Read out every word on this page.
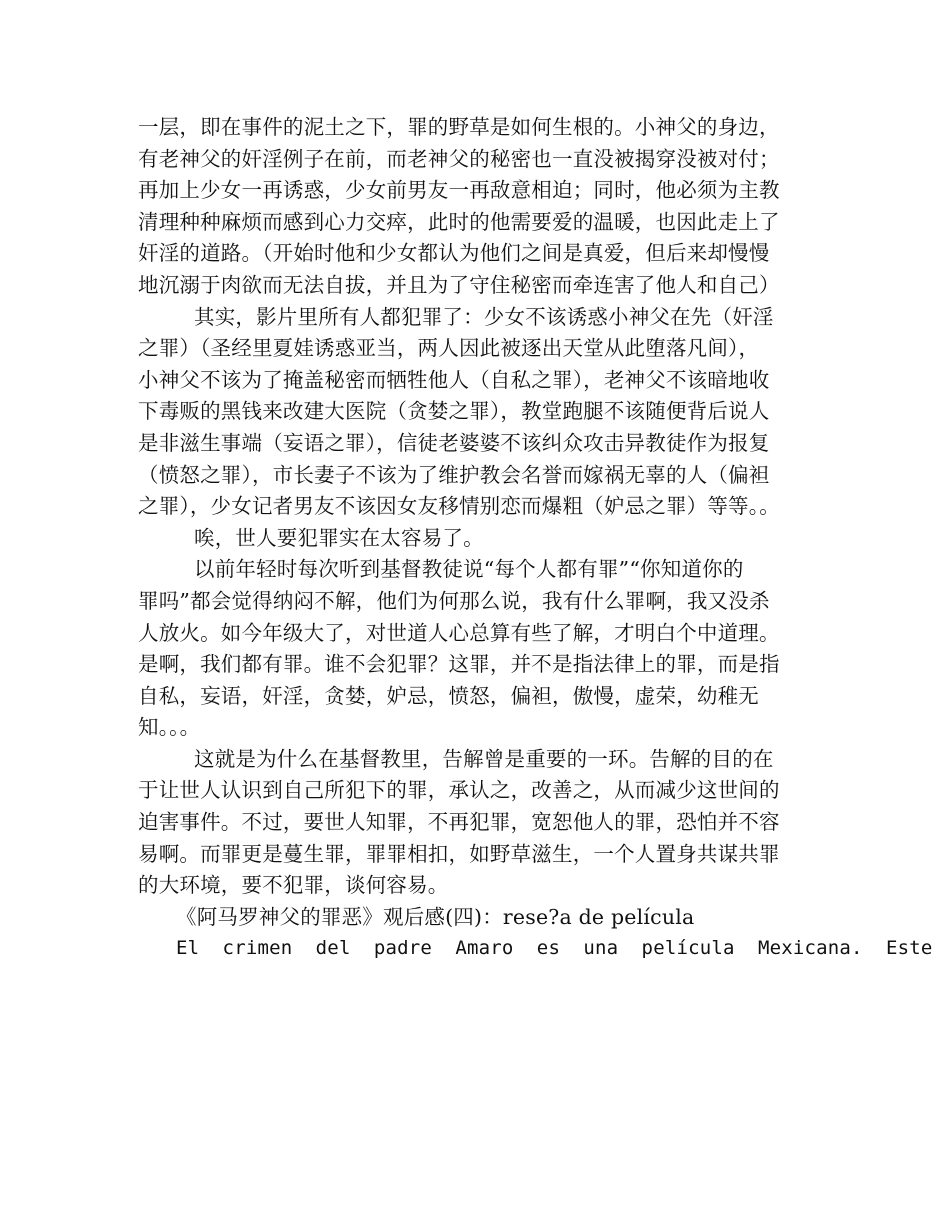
一层，即在事件的泥土之下，罪的野草是如何生根的。小神父的身边，
有老神父的奸淫例子在前，而老神父的秘密也一直没被揭穿没被对付；
再加上少女一再诱惑，少女前男友一再敌意相迫；同时，他必须为主教
清理种种麻烦而感到心力交瘁，此时的他需要爱的温暖，也因此走上了
奸淫的道路。（开始时他和少女都认为他们之间是真爱，但后来却慢慢
地沉溺于肉欲而无法自拔，并且为了守住秘密而牵连害了他人和自己）
其实，影片里所有人都犯罪了：少女不该诱惑小神父在先（奸淫
之罪）（圣经里夏娃诱惑亚当，两人因此被逐出天堂从此堕落凡间），
小神父不该为了掩盖秘密而牺牲他人（自私之罪），老神父不该暗地收
下毒贩的黑钱来改建大医院（贪婪之罪），教堂跑腿不该随便背后说人
是非滋生事端（妄语之罪），信徒老婆婆不该纠众攻击异教徒作为报复
（愤怒之罪），市长妻子不该为了维护教会名誉而嫁祸无辜的人（偏袒
之罪），少女记者男友不该因女友移情别恋而爆粗（妒忌之罪）等等。。
唉，世人要犯罪实在太容易了。
以前年轻时每次听到基督教徒说“每个人都有罪”“你知道你的
罪吗”都会觉得纳闷不解，他们为何那么说，我有什么罪啊，我又没杀
人放火。如今年级大了，对世道人心总算有些了解，才明白个中道理。
是啊，我们都有罪。谁不会犯罪？这罪，并不是指法律上的罪，而是指
自私，妄语，奸淫，贪婪，妒忌，愤怒，偏袒，傲慢，虚荣，幼稚无
知。。。
这就是为什么在基督教里，告解曾是重要的一环。告解的目的在
于让世人认识到自己所犯下的罪，承认之，改善之，从而减少这世间的
迫害事件。不过，要世人知罪，不再犯罪，宽恕他人的罪，恐怕并不容
易啊。而罪更是蔓生罪，罪罪相扣，如野草滋生，一个人置身共谋共罪
的大环境，要不犯罪，谈何容易。
《阿马罗神父的罪恶》观后感(四)：rese?a de película
El  crimen  del  padre  Amaro  es  una  película  Mexicana.  Este
